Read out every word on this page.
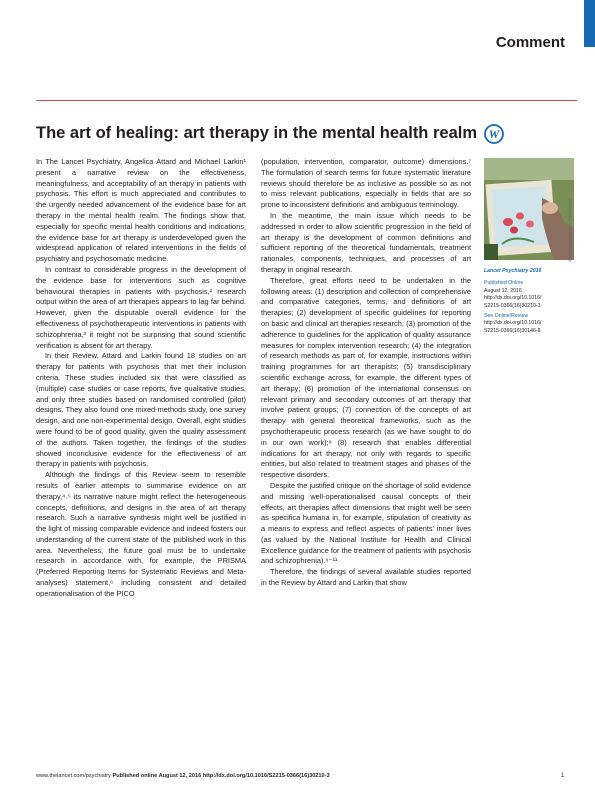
Comment
The art of healing: art therapy in the mental health realm W

In The Lancet Psychiatry, Angelica Attard and Michael Larkin¹ present a narrative review on the effectiveness, meaningfulness, and acceptability of art therapy in patients with psychosis. This effort is much appreciated and contributes to the urgently needed advancement of the evidence base for art therapy in the mental health realm. The findings show that, especially for specific mental health conditions and indications, the evidence base for art therapy is underdeveloped given the widespread application of related interventions in the fields of psychiatry and psychosomatic medicine.

In contrast to considerable progress in the development of the evidence base for interventions such as cognitive behavioural therapies in patients with psychosis,² research output within the area of art therapies appears to lag far behind. However, given the disputable overall evidence for the effectiveness of psychotherapeutic interventions in patients with schizophrenia,³ it might not be surprising that sound scientific verification is absent for art therapy.

In their Review, Attard and Larkin found 18 studies on art therapy for patients with psychosis that met their inclusion criteria. These studies included six that were classified as (multiple) case studies or case reports, five qualitative studies, and only three studies based on randomised controlled (pilot) designs. They also found one mixed-methods study, one survey design, and one non-experimental design. Overall, eight studies were found to be of good quality, given the quality assessment of the authors. Taken together, the findings of the studies showed inconclusive evidence for the effectiveness of art therapy in patients with psychosis.

Although the findings of this Review seem to resemble results of earlier attempts to summarise evidence on art therapy,⁴˒⁵ its narrative nature might reflect the heterogeneous concepts, definitions, and designs in the area of art therapy research. Such a narrative synthesis might well be justified in the light of missing comparable evidence and indeed fosters our understanding of the current state of the published work in this area. Nevertheless, the future goal must be to undertake research in accordance with, for example, the PRISMA (Preferred Reporting Items for Systematic Reviews and Meta-analyses) statement,⁶ including consistent and detailed operationalisation of the PICO

(population, intervention, comparator, outcome) dimensions.⁷ The formulation of search terms for future systematic literature reviews should therefore be as inclusive as possible so as not to miss relevant publications, especially in fields that are so prone to inconsistent definitions and ambiguous terminology.

In the meantime, the main issue which needs to be addressed in order to allow scientific progression in the field of art therapy is the development of common definitions and sufficient reporting of the theoretical fundamentals, treatment rationales, components, techniques, and processes of art therapy in original research.

Therefore, great efforts need to be undertaken in the following areas: (1) description and collection of comprehensive and comparative categories, terms, and definitions of art therapies; (2) development of specific guidelines for reporting on basic and clinical art therapies research; (3) promotion of the adherence to guidelines for the application of quality assurance measures for complex intervention research; (4) the integration of research methods as part of, for example, instructions within training programmes for art therapists; (5) transdisciplinary scientific exchange across, for example, the different types of art therapy; (6) promotion of the international consensus on relevant primary and secondary outcomes of art therapy that involve patient groups; (7) connection of the concepts of art therapy with general theoretical frameworks, such as the psychotherapeutic process research (as we have sought to do in our own work);⁸ (8) research that enables differential indications for art therapy, not only with regards to specific entities, but also related to treatment stages and phases of the respective disorders.

Despite the justified critique on the shortage of solid evidence and missing well-operationalised causal concepts of their effects, art therapies affect dimensions that might well be seen as specifica humana in, for example, stipulation of creativity as a means to express and reflect aspects of patients’ inner lives (as valued by the National Institute for Health and Clinical Excellence guidance for the treatment of patients with psychosis and schizophrenia).⁹⁻¹¹

Therefore, the findings of several available studies reported in the Review by Attard and Larkin that show

Art Directors/Laurence Pitkin/Alamy
Lancet Psychiatry 2016
Published Online
August 12, 2016
http://dx.doi.org/10.1016/
S2215-0366(16)30210-3
See Online/Review
http://dx.doi.org/10.1016/
S2215-0366(16)30146-8
www.thelancet.com/psychiatry Published online August 12, 2016 http://dx.doi.org/10.1016/S2215-0366(16)30210-3	1
